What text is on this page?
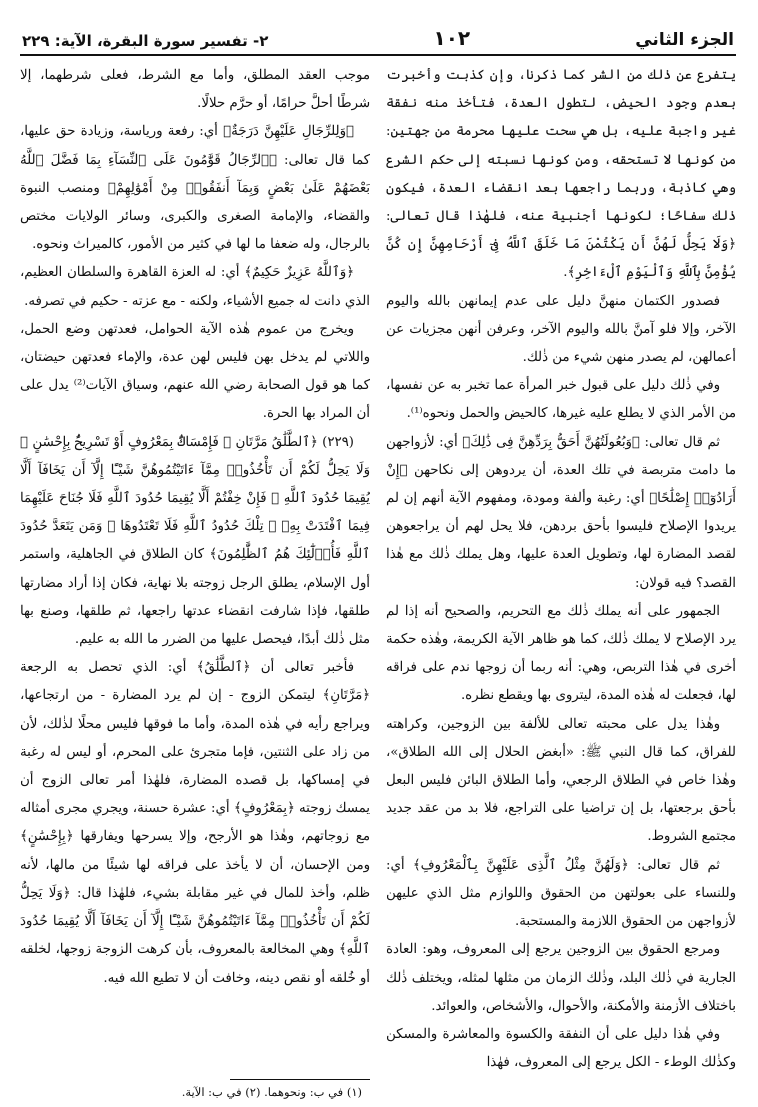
الجزء الثاني
١٠٢
٢- تفسير سورة البقرة، الآية: ٢٢٩

يتفرع عن ذٰلك من الشر كما ذكرنا، وإن كذبت وأخبرت بعدم وجود الحيض، لتطول العدة، فتأخذ منه نفقة غير واجبة عليه، بل هي سحت عليها محرمة من جهتين: من كونها لا تستحقه، ومن كونها نسبته إلى حكم الشرع وهي كاذبة، وربما راجعها بعد انقضاء العدة، فيكون ذٰلك سفاحًا؛ لكونها أجنبية عنه، فلهٰذا قال تعالى: ﴿وَلَا يَحِلُّ لَهُنَّ أَن يَكْتُمْنَ مَا خَلَقَ ٱللَّهُ فِىٓ أَرْحَامِهِنَّ إِن كُنَّ يُؤْمِنَّ بِٱللَّهِ وَٱلْيَوْمِ ٱلْءَاخِرِ﴾.

فصدور الكتمان منهنَّ دليل على عدم إيمانهن بالله واليوم الآخر، وإلا فلو آمنَّ بالله واليوم الآخر، وعرفن أنهن مجزيات عن أعمالهن، لم يصدر منهن شيء من ذٰلك.

وفي ذٰلك دليل على قبول خبر المرأة عما تخبر به عن نفسها، من الأمر الذي لا يطلع عليه غيرها، كالحيض والحمل ونحوه⁽¹⁾.

ثم قال تعالى: ﴿وَبُعُولَتُهُنَّ أَحَقُّ بِرَدِّهِنَّ فِى ذَٰلِكَ﴾ أي: لأزواجهن ما دامت متربصة في تلك العدة، أن يردوهن إلى نكاحهن ﴿إِنْ أَرَادُوٓا۟ إِصْلَٰحًا﴾ أي: رغبة وألفة ومودة، ومفهوم الآية أنهم إن لم يريدوا الإصلاح فليسوا بأحق بردهن، فلا يحل لهم أن يراجعوهن لقصد المضارة لها، وتطويل العدة عليها، وهل يملك ذٰلك مع هٰذا القصد؟ فيه قولان:

الجمهور على أنه يملك ذٰلك مع التحريم، والصحيح أنه إذا لم يرد الإصلاح لا يملك ذٰلك، كما هو ظاهر الآية الكريمة، وهٰذه حكمة أخرى في هٰذا التربص، وهي: أنه ربما أن زوجها ندم على فراقه لها، فجعلت له هٰذه المدة، ليتروى بها ويقطع نظره.

وهٰذا يدل على محبته تعالى للألفة بين الزوجين، وكراهته للفراق، كما قال النبي ﷺ: «أبغض الحلال إلى الله الطلاق»، وهٰذا خاص في الطلاق الرجعي، وأما الطلاق البائن فليس البعل بأحق برجعتها، بل إن تراضيا على التراجع، فلا بد من عقد جديد مجتمع الشروط.

ثم قال تعالى: ﴿وَلَهُنَّ مِثْلُ ٱلَّذِى عَلَيْهِنَّ بِٱلْمَعْرُوفِ﴾ أي: وللنساء على بعولتهن من الحقوق واللوازم مثل الذي عليهن لأزواجهن من الحقوق اللازمة والمستحبة.

ومرجع الحقوق بين الزوجين يرجع إلى المعروف، وهو: العادة الجارية في ذٰلك البلد، وذٰلك الزمان من مثلها لمثله، ويختلف ذٰلك باختلاف الأزمنة والأمكنة، والأحوال، والأشخاص، والعوائد.

وفي هٰذا دليل على أن النفقة والكسوة والمعاشرة والمسكن وكذٰلك الوطء - الكل يرجع إلى المعروف، فهٰذا

موجب العقد المطلق، وأما مع الشرط، فعلى شرطهما، إلا شرطًا أحلَّ حرامًا، أو حرَّم حلالًا.

﴿وَلِلرِّجَالِ عَلَيْهِنَّ دَرَجَةٌ﴾ أي: رفعة ورياسة، وزيادة حق عليها، كما قال تعالى: ﴿ٱلرِّجَالُ قَوَّٰمُونَ عَلَى ٱلنِّسَآءِ بِمَا فَضَّلَ ٱللَّهُ بَعْضَهُمْ عَلَىٰ بَعْضٍ وَبِمَآ أَنفَقُوا۟ مِنْ أَمْوَٰلِهِمْ﴾ ومنصب النبوة والقضاء، والإمامة الصغرى والكبرى، وسائر الولايات مختص بالرجال، وله ضعفا ما لها في كثير من الأمور، كالميراث ونحوه.

﴿وَٱللَّهُ عَزِيزٌ حَكِيمٌ﴾ أي: له العزة القاهرة والسلطان العظيم، الذي دانت له جميع الأشياء، ولكنه - مع عزته - حكيم في تصرفه.

ويخرج من عموم هٰذه الآية الحوامل، فعدتهن وضع الحمل، واللاتي لم يدخل بهن فليس لهن عدة، والإماء فعدتهن حيضتان، كما هو قول الصحابة رضي الله عنهم، وسياق الآيات⁽²⁾ يدل على أن المراد بها الحرة.

(٢٢٩) ﴿ٱلطَّلَٰقُ مَرَّتَانِ ۖ فَإِمْسَاكٌۢ بِمَعْرُوفٍ أَوْ تَسْرِيحٌۢ بِإِحْسَٰنٍ ۗ وَلَا يَحِلُّ لَكُمْ أَن تَأْخُذُوا۟ مِمَّآ ءَاتَيْتُمُوهُنَّ شَيْـًٔا إِلَّآ أَن يَخَافَآ أَلَّا يُقِيمَا حُدُودَ ٱللَّهِ ۖ فَإِنْ خِفْتُمْ أَلَّا يُقِيمَا حُدُودَ ٱللَّهِ فَلَا جُنَاحَ عَلَيْهِمَا فِيمَا ٱفْتَدَتْ بِهِۦ ۗ تِلْكَ حُدُودُ ٱللَّهِ فَلَا تَعْتَدُوهَا ۚ وَمَن يَتَعَدَّ حُدُودَ ٱللَّهِ فَأُو۟لَٰٓئِكَ هُمُ ٱلظَّٰلِمُونَ﴾ كان الطلاق في الجاهلية، واستمر أول الإسلام، يطلق الرجل زوجته بلا نهاية، فكان إذا أراد مضارتها طلقها، فإذا شارفت انقضاء عدتها راجعها، ثم طلقها، وصنع بها مثل ذٰلك أبدًا، فيحصل عليها من الضرر ما الله به عليم.

فأخبر تعالى أن ﴿ٱلطَّلَٰقُ﴾ أي: الذي تحصل به الرجعة ﴿مَرَّتَانِ﴾ ليتمكن الزوج - إن لم يرد المضارة - من ارتجاعها، ويراجع رأيه في هٰذه المدة، وأما ما فوقها فليس محلًا لذٰلك، لأن من زاد على الثنتين، فإما متجرئ على المحرم، أو ليس له رغبة في إمساكها، بل قصده المضارة، فلهٰذا أمر تعالى الزوج أن يمسك زوجته ﴿بِمَعْرُوفٍ﴾ أي: عشرة حسنة، ويجري مجرى أمثاله مع زوجاتهم، وهٰذا هو الأرجح، وإلا يسرحها ويفارقها ﴿بِإِحْسَٰنٍ﴾ ومن الإحسان، أن لا يأخذ على فراقه لها شيئًا من مالها، لأنه ظلم، وأخذ للمال في غير مقابلة بشيء، فلهٰذا قال: ﴿وَلَا يَحِلُّ لَكُمْ أَن تَأْخُذُوا۟ مِمَّآ ءَاتَيْتُمُوهُنَّ شَيْـًٔا إِلَّآ أَن يَخَافَآ أَلَّا يُقِيمَا حُدُودَ ٱللَّهِ﴾ وهي المخالعة بالمعروف، بأن كرهت الزوجة زوجها، لخلقه أو خُلقه أو نقص دينه، وخافت أن لا تطيع الله فيه.

(١) في ب: ونحوهما. (٢) في ب: الآية.
